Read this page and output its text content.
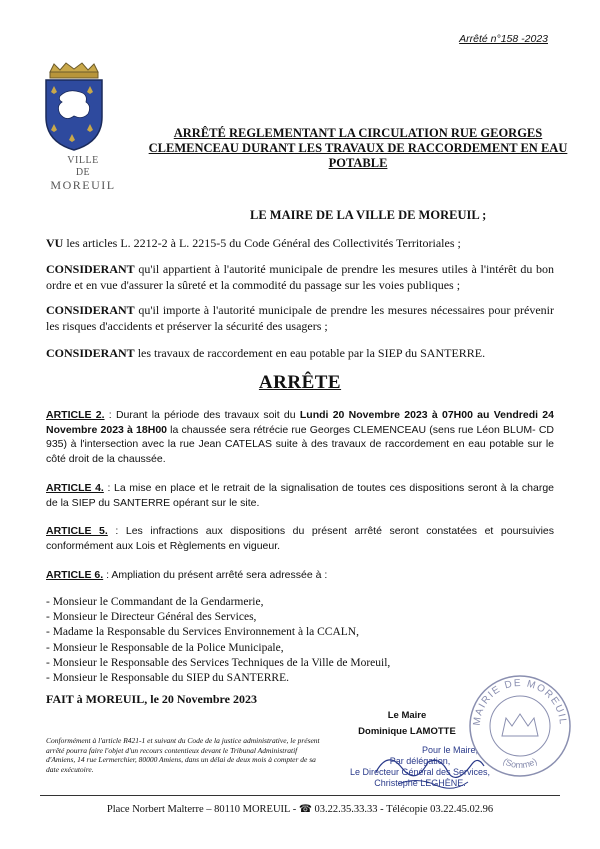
Arrêté n°158 -2023
VILLE
DE
MOREUIL
ARRÊTÉ REGLEMENTANT LA CIRCULATION RUE GEORGES CLEMENCEAU DURANT LES TRAVAUX DE RACCORDEMENT EN EAU POTABLE
LE MAIRE DE LA VILLE DE MOREUIL ;
VU les articles L. 2212-2 à L. 2215-5 du Code Général des Collectivités Territoriales ;
CONSIDERANT qu'il appartient à l'autorité municipale de prendre les mesures utiles à l'intérêt du bon ordre et en vue d'assurer la sûreté et la commodité du passage sur les voies publiques ;
CONSIDERANT qu'il importe à l'autorité municipale de prendre les mesures nécessaires pour prévenir les risques d'accidents et préserver la sécurité des usagers ;
CONSIDERANT les travaux de raccordement en eau potable par la SIEP du SANTERRE.
ARRÊTE
ARTICLE 2. : Durant la période des travaux soit du Lundi 20 Novembre 2023 à 07H00 au Vendredi 24 Novembre 2023 à 18H00 la chaussée sera rétrécie rue Georges CLEMENCEAU (sens rue Léon BLUM- CD 935) à l'intersection avec la rue Jean CATELAS suite à des travaux de raccordement en eau potable sur le côté droit de la chaussée.
ARTICLE 4. : La mise en place et le retrait de la signalisation de toutes ces dispositions seront à la charge de la SIEP du SANTERRE opérant sur le site.
ARTICLE 5. : Les infractions aux dispositions du présent arrêté seront constatées et poursuivies conformément aux Lois et Règlements en vigueur.
ARTICLE 6. : Ampliation du présent arrêté sera adressée à :
- Monsieur le Commandant de la Gendarmerie,
- Monsieur le Directeur Général des Services,
- Madame la Responsable du Services Environnement à la CCALN,
- Monsieur le Responsable de la Police Municipale,
- Monsieur le Responsable des Services Techniques de la Ville de Moreuil,
- Monsieur le Responsable du SIEP du SANTERRE.
FAIT à MOREUIL, le 20 Novembre 2023
Conformément à l'article R421-1 et suivant du Code de la justice administrative, le présent arrêté pourra faire l'objet d'un recours contentieux devant le Tribunal Administratif d'Amiens, 14 rue Lermerchier, 80000 Amiens, dans un délai de deux mois à compter de sa date exécutoire.
Le Maire
Dominique LAMOTTE
Pour le Maire,
Par délégation,
Le Directeur Général des Services,
Christophe LEGHÈNE.
MAIRIE DE MOREUIL
(Somme)
Place Norbert Malterre – 80110 MOREUIL - ☎ 03.22.35.33.33 - Télécopie 03.22.45.02.96
